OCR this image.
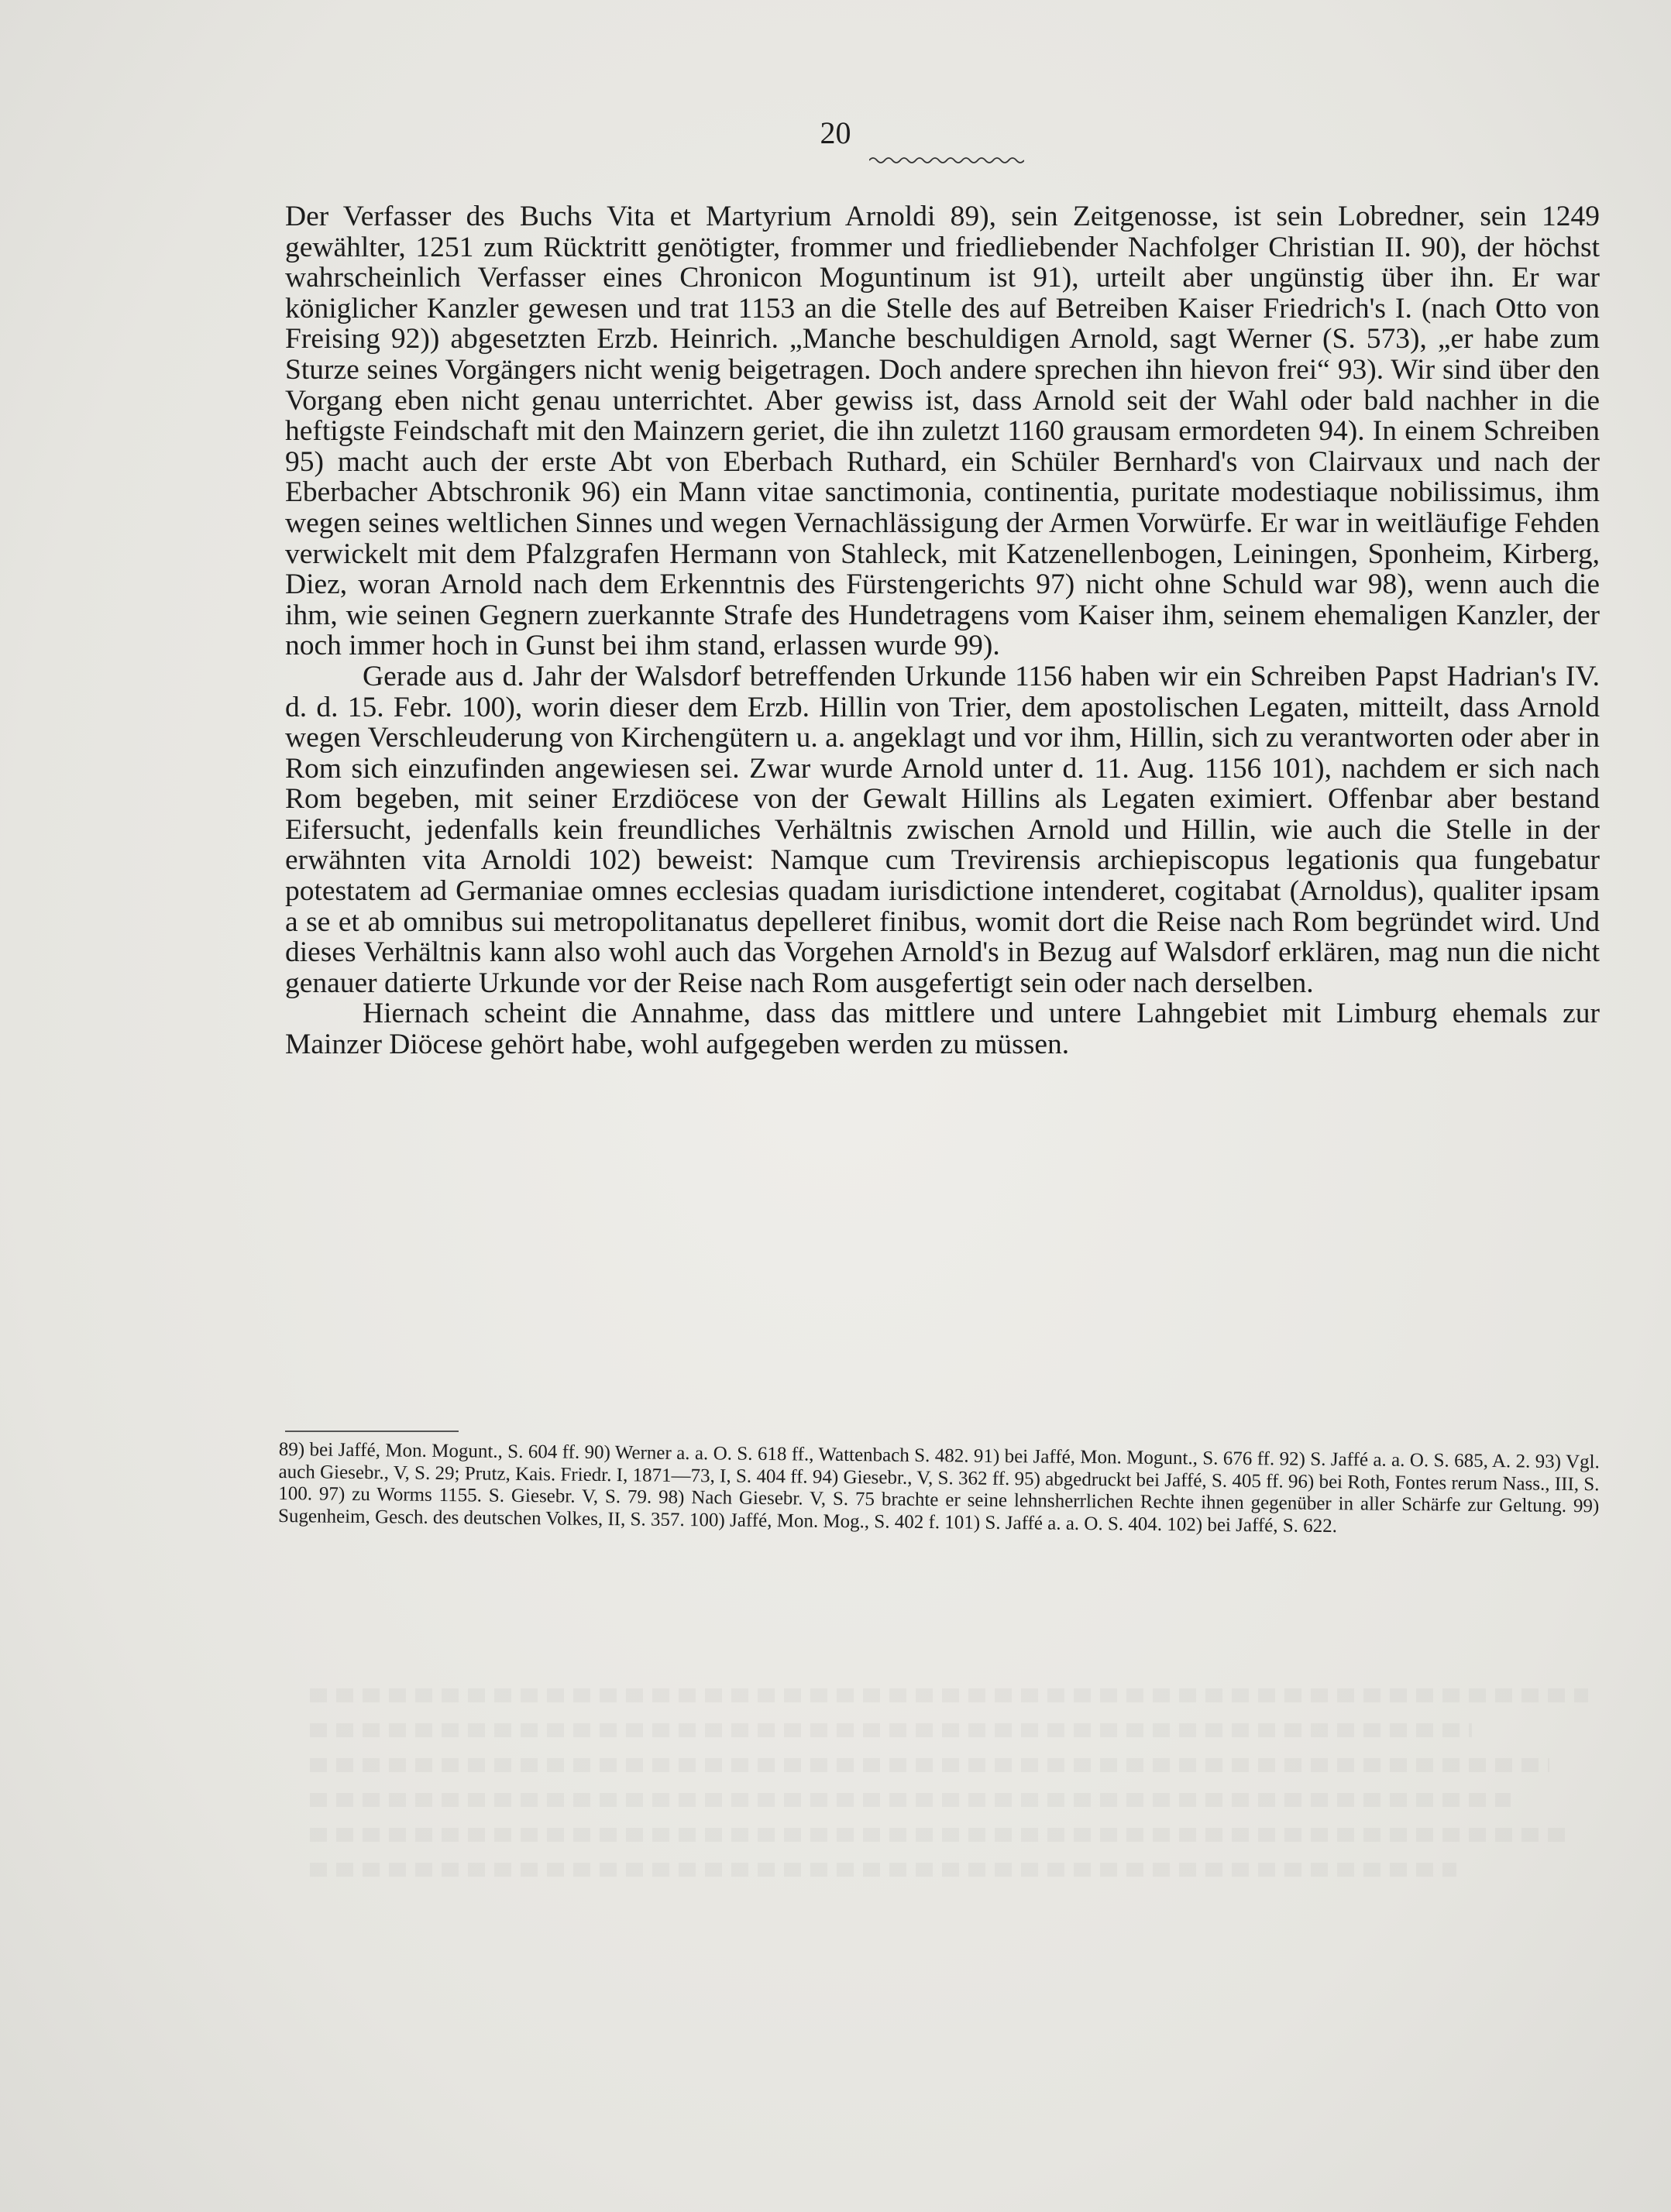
20

Der Verfasser des Buchs Vita et Martyrium Arnoldi 89), sein Zeitgenosse, ist sein Lobredner, sein 1249 gewählter, 1251 zum Rücktritt genötigter, frommer und friedliebender Nachfolger Christian II. 90), der höchst wahrscheinlich Verfasser eines Chronicon Moguntinum ist 91), urteilt aber ungünstig über ihn. Er war königlicher Kanzler gewesen und trat 1153 an die Stelle des auf Betreiben Kaiser Friedrich's I. (nach Otto von Freising 92)) abgesetzten Erzb. Heinrich. „Manche beschuldigen Arnold, sagt Werner (S. 573), „er habe zum Sturze seines Vorgängers nicht wenig beigetragen. Doch andere sprechen ihn hievon frei“ 93). Wir sind über den Vorgang eben nicht genau unterrichtet. Aber gewiss ist, dass Arnold seit der Wahl oder bald nachher in die heftigste Feindschaft mit den Mainzern geriet, die ihn zuletzt 1160 grausam ermordeten 94). In einem Schreiben 95) macht auch der erste Abt von Eberbach Ruthard, ein Schüler Bernhard's von Clairvaux und nach der Eberbacher Abtschronik 96) ein Mann vitae sanctimonia, continentia, puritate modestiaque nobilissimus, ihm wegen seines weltlichen Sinnes und wegen Vernachlässigung der Armen Vorwürfe. Er war in weitläufige Fehden verwickelt mit dem Pfalzgrafen Hermann von Stahleck, mit Katzenellenbogen, Leiningen, Sponheim, Kirberg, Diez, woran Arnold nach dem Erkenntnis des Fürstengerichts 97) nicht ohne Schuld war 98), wenn auch die ihm, wie seinen Gegnern zuerkannte Strafe des Hundetragens vom Kaiser ihm, seinem ehemaligen Kanzler, der noch immer hoch in Gunst bei ihm stand, erlassen wurde 99).

Gerade aus d. Jahr der Walsdorf betreffenden Urkunde 1156 haben wir ein Schreiben Papst Hadrian's IV. d. d. 15. Febr. 100), worin dieser dem Erzb. Hillin von Trier, dem apostolischen Legaten, mitteilt, dass Arnold wegen Verschleuderung von Kirchengütern u. a. angeklagt und vor ihm, Hillin, sich zu verantworten oder aber in Rom sich einzufinden angewiesen sei. Zwar wurde Arnold unter d. 11. Aug. 1156 101), nachdem er sich nach Rom begeben, mit seiner Erzdiöcese von der Gewalt Hillins als Legaten eximiert. Offenbar aber bestand Eifersucht, jedenfalls kein freundliches Verhältnis zwischen Arnold und Hillin, wie auch die Stelle in der erwähnten vita Arnoldi 102) beweist: Namque cum Trevirensis archiepiscopus legationis qua fungebatur potestatem ad Germaniae omnes ecclesias quadam iurisdictione intenderet, cogitabat (Arnoldus), qualiter ipsam a se et ab omnibus sui metropolitanatus depelleret finibus, womit dort die Reise nach Rom begründet wird. Und dieses Verhältnis kann also wohl auch das Vorgehen Arnold's in Bezug auf Walsdorf erklären, mag nun die nicht genauer datierte Urkunde vor der Reise nach Rom ausgefertigt sein oder nach derselben.

Hiernach scheint die Annahme, dass das mittlere und untere Lahngebiet mit Limburg ehemals zur Mainzer Diöcese gehört habe, wohl aufgegeben werden zu müssen.

89) bei Jaffé, Mon. Mogunt., S. 604 ff. 90) Werner a. a. O. S. 618 ff., Wattenbach S. 482. 91) bei Jaffé, Mon. Mogunt., S. 676 ff. 92) S. Jaffé a. a. O. S. 685, A. 2. 93) Vgl. auch Giesebr., V, S. 29; Prutz, Kais. Friedr. I, 1871—73, I, S. 404 ff. 94) Giesebr., V, S. 362 ff. 95) abgedruckt bei Jaffé, S. 405 ff. 96) bei Roth, Fontes rerum Nass., III, S. 100. 97) zu Worms 1155. S. Giesebr. V, S. 79. 98) Nach Giesebr. V, S. 75 brachte er seine lehnsherrlichen Rechte ihnen gegenüber in aller Schärfe zur Geltung. 99) Sugenheim, Gesch. des deutschen Volkes, II, S. 357. 100) Jaffé, Mon. Mog., S. 402 f. 101) S. Jaffé a. a. O. S. 404. 102) bei Jaffé, S. 622.
